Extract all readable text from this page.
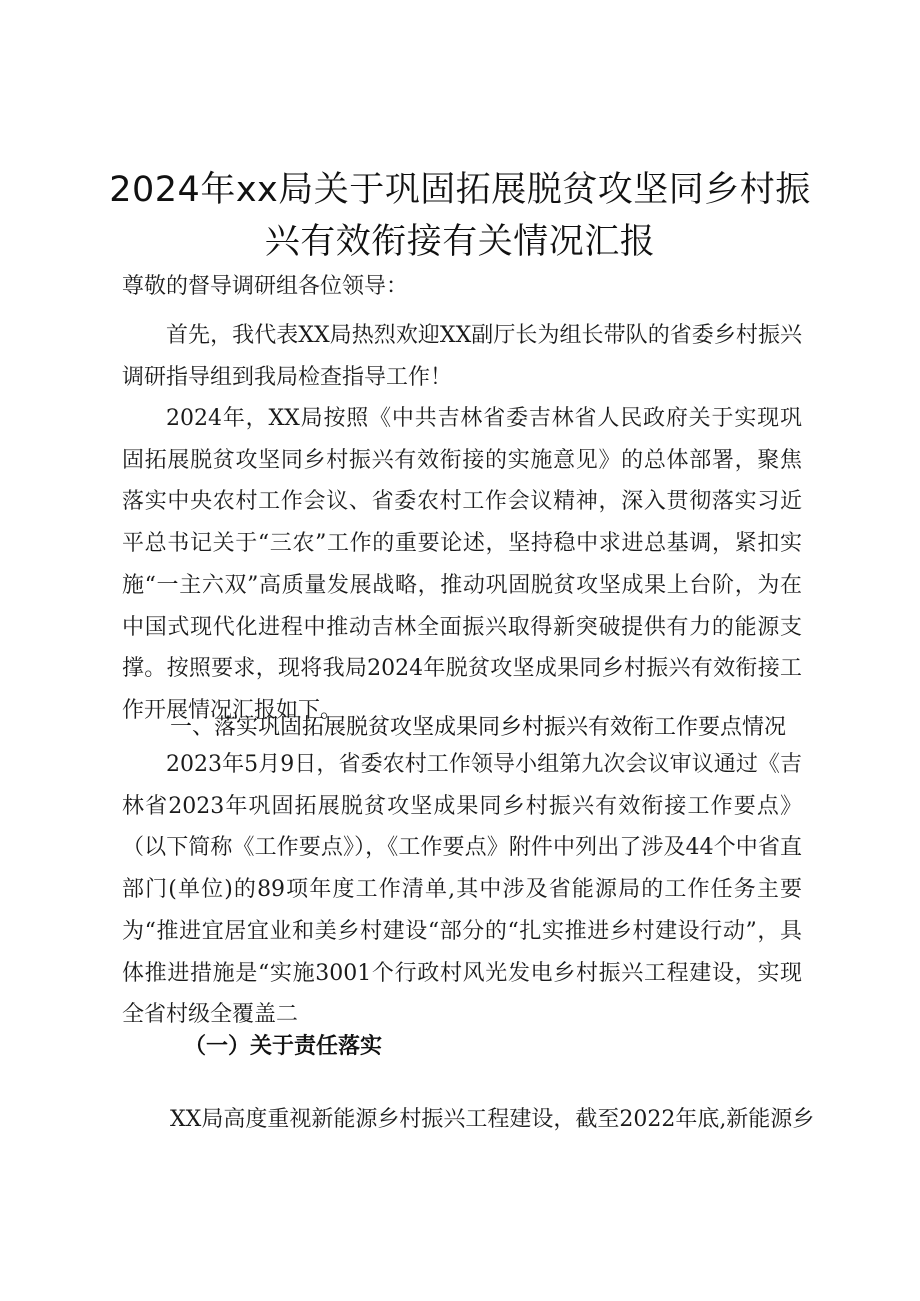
2024年xx局关于巩固拓展脱贫攻坚同乡村振
兴有效衔接有关情况汇报
尊敬的督导调研组各位领导：
首先，我代表XX局热烈欢迎XX副厅长为组长带队的省委乡村振兴调研指导组到我局检查指导工作！
2024年，XX局按照《中共吉林省委吉林省人民政府关于实现巩固拓展脱贫攻坚同乡村振兴有效衔接的实施意见》的总体部署，聚焦落实中央农村工作会议、省委农村工作会议精神，深入贯彻落实习近平总书记关于“三农”工作的重要论述，坚持稳中求进总基调，紧扣实施“一主六双”高质量发展战略，推动巩固脱贫攻坚成果上台阶，为在中国式现代化进程中推动吉林全面振兴取得新突破提供有力的能源支撑。按照要求，现将我局2024年脱贫攻坚成果同乡村振兴有效衔接工作开展情况汇报如下。
一、落实巩固拓展脱贫攻坚成果同乡村振兴有效衔工作要点情况
2023年5月9日，省委农村工作领导小组第九次会议审议通过《吉林省2023年巩固拓展脱贫攻坚成果同乡村振兴有效衔接工作要点》（以下简称《工作要点》），《工作要点》附件中列出了涉及44个中省直部门(单位)的89项年度工作清单,其中涉及省能源局的工作任务主要为“推进宜居宜业和美乡村建设“部分的“扎实推进乡村建设行动”，具体推进措施是“实施3001个行政村风光发电乡村振兴工程建设，实现全省村级全覆盖二
（一）关于责任落实
XX局高度重视新能源乡村振兴工程建设，截至2022年底,新能源乡
